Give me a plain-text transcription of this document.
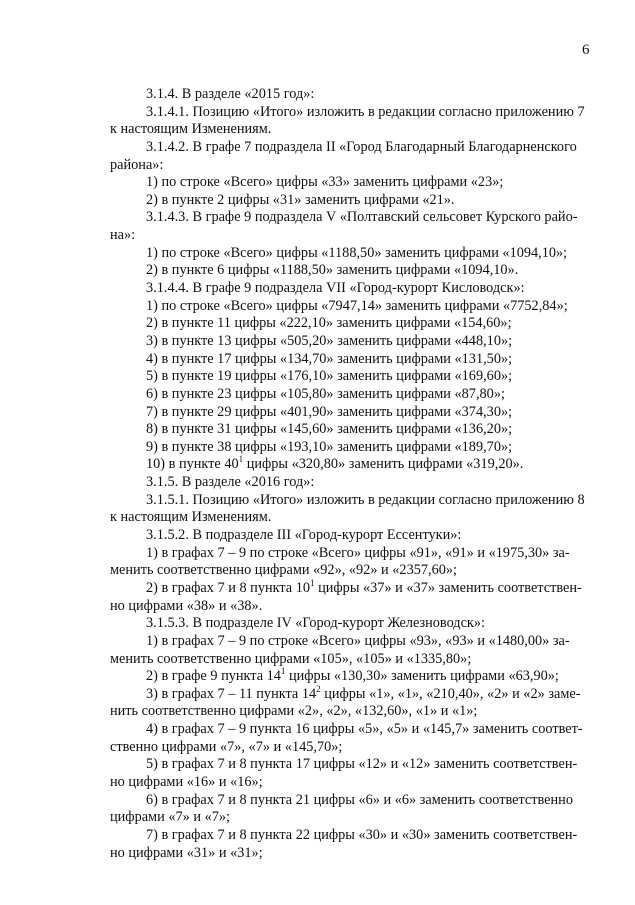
6
3.1.4. В разделе «2015 год»:
3.1.4.1. Позицию «Итого» изложить в редакции согласно приложению 7
к настоящим Изменениям.
3.1.4.2. В графе 7 подраздела II «Город Благодарный Благодарненского
района»:
1) по строке «Всего» цифры «33» заменить цифрами «23»;
2) в пункте 2 цифры «31» заменить цифрами «21».
3.1.4.3. В графе 9 подраздела V «Полтавский сельсовет Курского райо-
на»:
1) по строке «Всего» цифры «1188,50» заменить цифрами «1094,10»;
2) в пункте 6 цифры «1188,50» заменить цифрами «1094,10».
3.1.4.4. В графе 9 подраздела VII «Город-курорт Кисловодск»:
1) по строке «Всего» цифры «7947,14» заменить цифрами «7752,84»;
2) в пункте 11 цифры «222,10» заменить цифрами «154,60»;
3) в пункте 13 цифры «505,20» заменить цифрами «448,10»;
4) в пункте 17 цифры «134,70» заменить цифрами «131,50»;
5) в пункте 19 цифры «176,10» заменить цифрами «169,60»;
6) в пункте 23 цифры «105,80» заменить цифрами «87,80»;
7) в пункте 29 цифры «401,90» заменить цифрами «374,30»;
8) в пункте 31 цифры «145,60» заменить цифрами «136,20»;
9) в пункте 38 цифры «193,10» заменить цифрами «189,70»;
10) в пункте $40^1$ цифры «320,80» заменить цифрами «319,20».
3.1.5. В разделе «2016 год»:
3.1.5.1. Позицию «Итого» изложить в редакции согласно приложению 8
к настоящим Изменениям.
3.1.5.2. В подразделе III «Город-курорт Ессентуки»:
1) в графах 7 – 9 по строке «Всего» цифры «91», «91» и «1975,30» за-
менить соответственно цифрами «92», «92» и «2357,60»;
2) в графах 7 и 8 пункта $10^1$ цифры «37» и «37» заменить соответствен-
но цифрами «38» и «38».
3.1.5.3. В подразделе IV «Город-курорт Железноводск»:
1) в графах 7 – 9 по строке «Всего» цифры «93», «93» и «1480,00» за-
менить соответственно цифрами «105», «105» и «1335,80»;
2) в графе 9 пункта $14^1$ цифры «130,30» заменить цифрами «63,90»;
3) в графах 7 – 11 пункта $14^2$ цифры «1», «1», «210,40», «2» и «2» заме-
нить соответственно цифрами «2», «2», «132,60», «1» и «1»;
4) в графах 7 – 9 пункта 16 цифры «5», «5» и «145,7» заменить соответ-
ственно цифрами «7», «7» и «145,70»;
5) в графах 7 и 8 пункта 17 цифры «12» и «12» заменить соответствен-
но цифрами «16» и «16»;
6) в графах 7 и 8 пункта 21 цифры «6» и «6» заменить соответственно
цифрами «7» и «7»;
7) в графах 7 и 8 пункта 22 цифры «30» и «30» заменить соответствен-
но цифрами «31» и «31»;
